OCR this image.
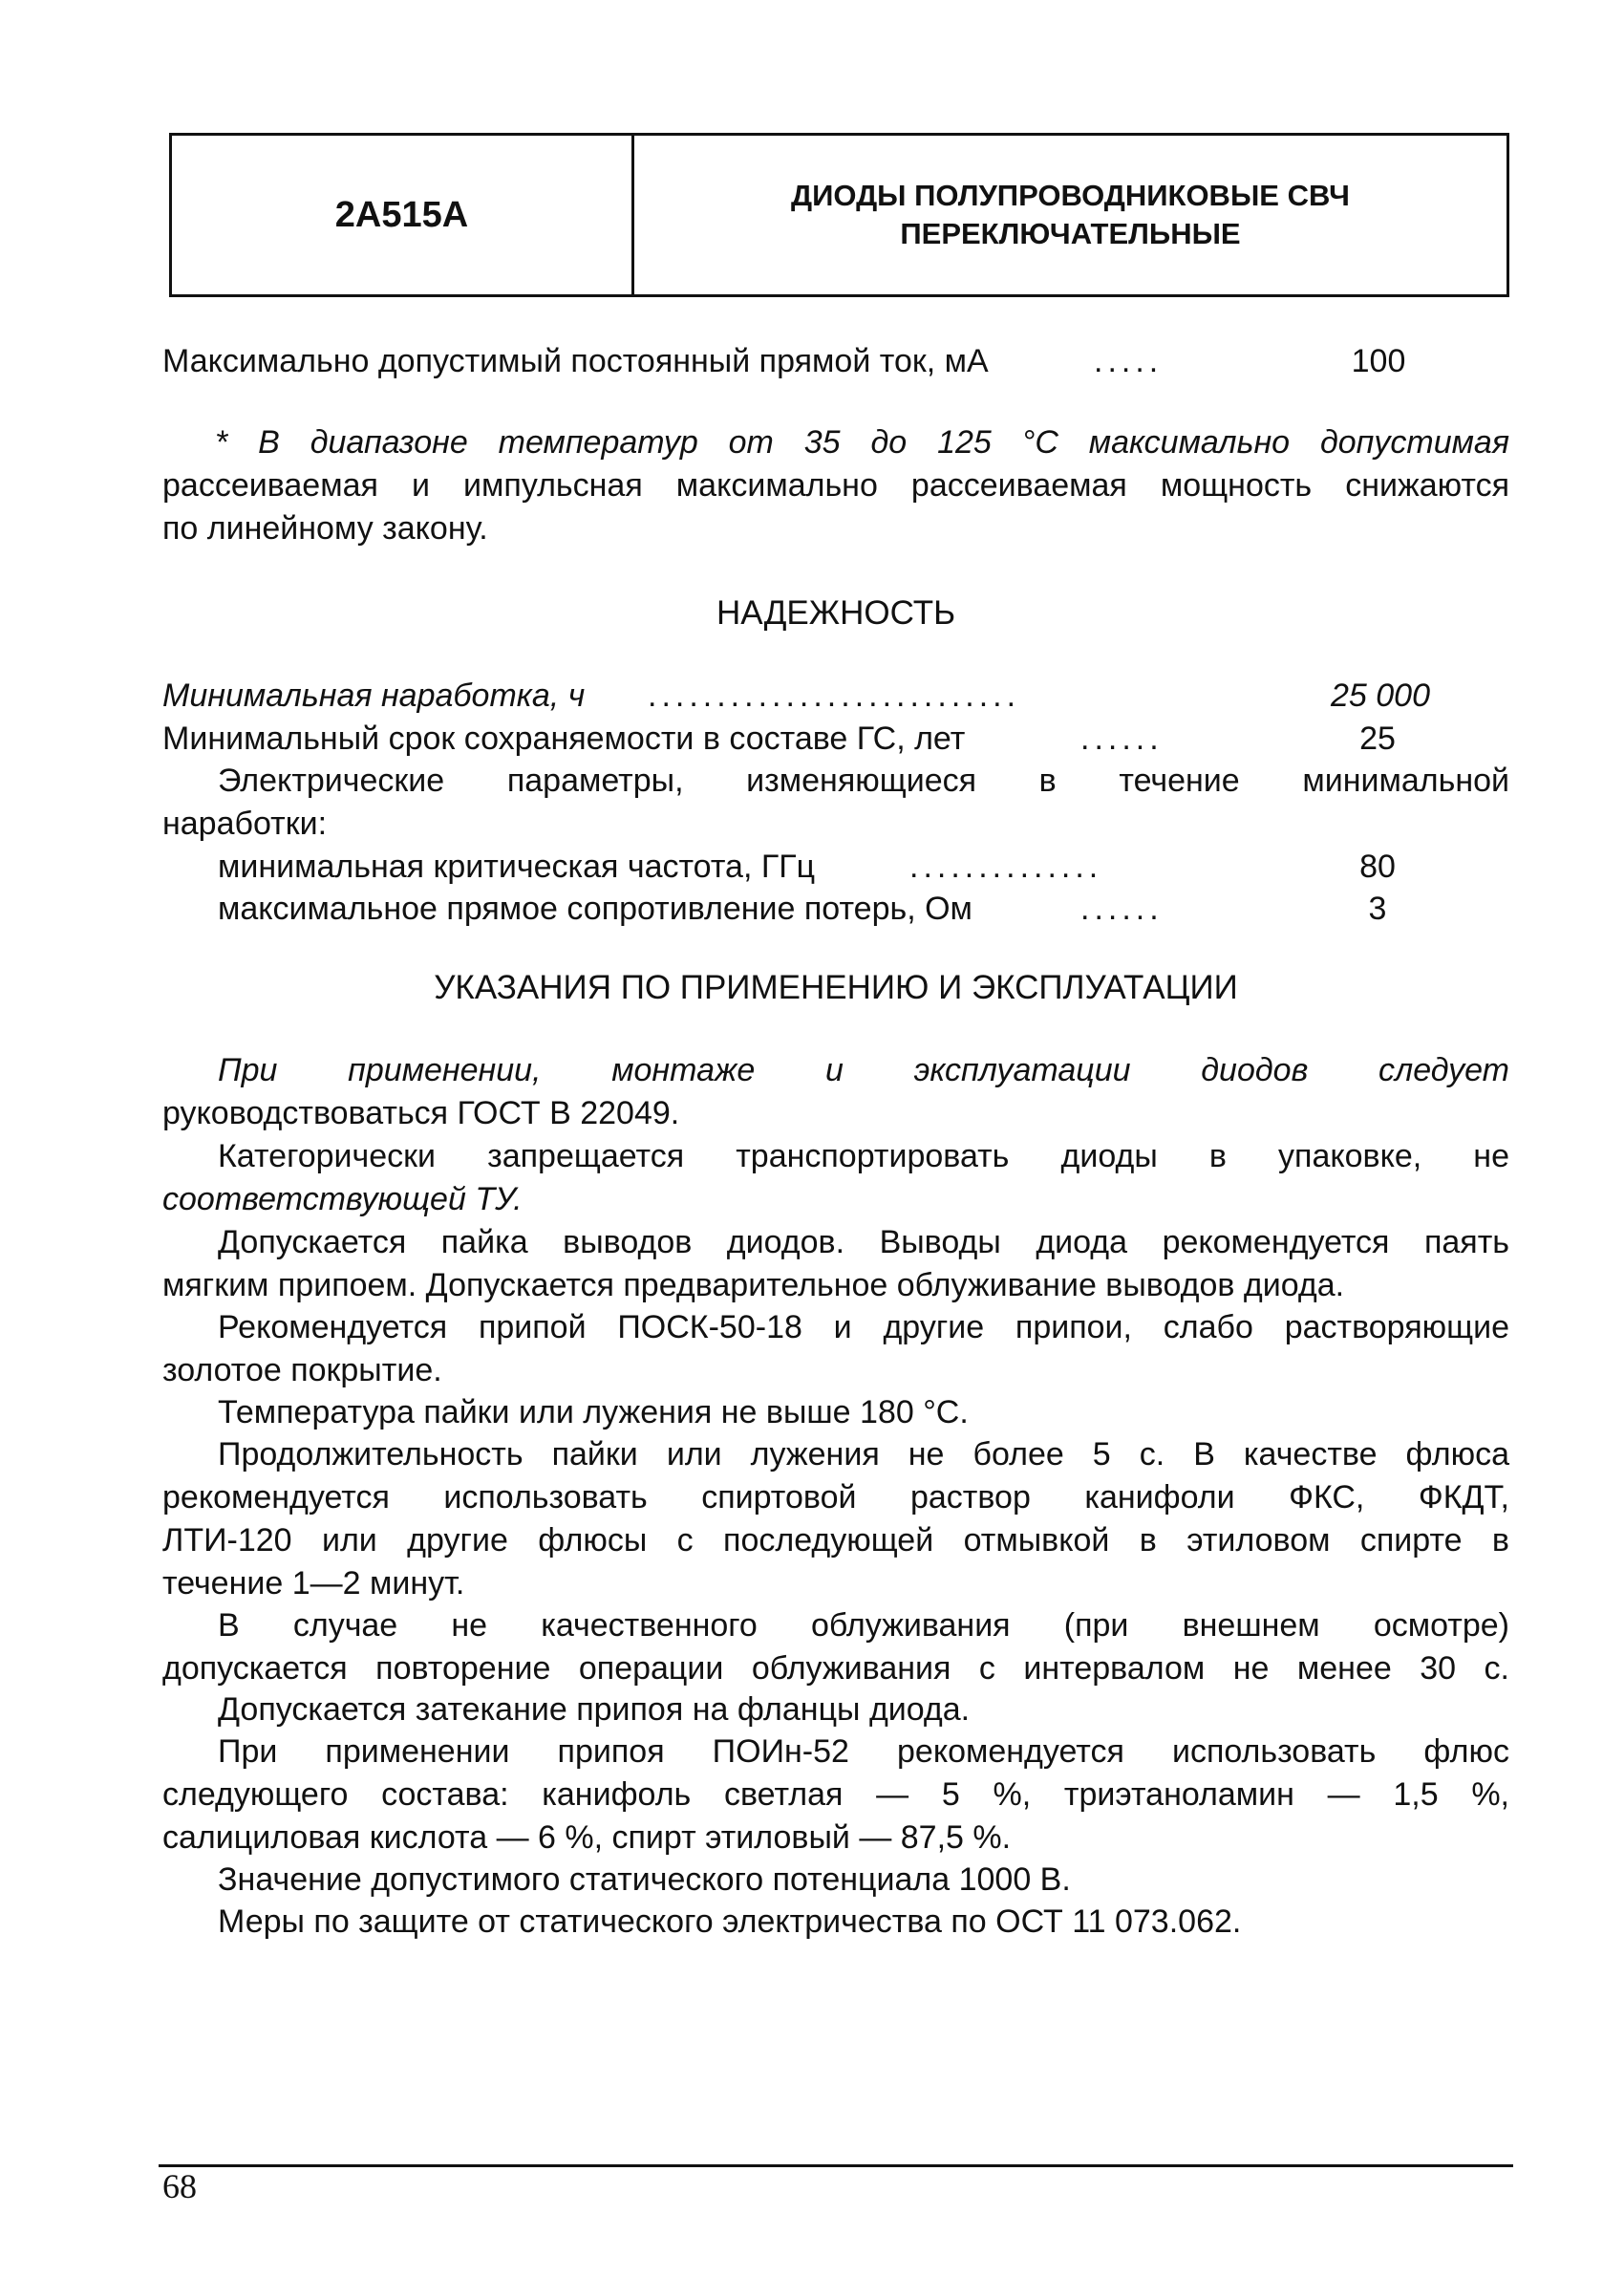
2А515А	ДИОДЫ ПОЛУПРОВОДНИКОВЫЕ СВЧ
ПЕРЕКЛЮЧАТЕЛЬНЫЕ
Максимально допустимый постоянный прямой ток, мА	.....	100
* В диапазоне температур от 35 до 125 °С максимально допустимая
рассеиваемая и импульсная максимально рассеиваемая мощность снижаются
по линейному закону.
НАДЕЖНОСТЬ
Минимальная наработка, ч ...........................	25 000
Минимальный срок сохраняемости в составе ГС, лет	......	25
Электрические параметры, изменяющиеся в течение минимальной
наработки:
минимальная критическая частота, ГГц	..............	80
максимальное прямое сопротивление потерь, Ом	......	3
УКАЗАНИЯ ПО ПРИМЕНЕНИЮ И ЭКСПЛУАТАЦИИ
При применении, монтаже и эксплуатации диодов следует
руководствоваться ГОСТ В 22049.
Категорически запрещается транспортировать диоды в упаковке, не
соответствующей ТУ.
Допускается пайка выводов диодов. Выводы диода рекомендуется паять
мягким припоем. Допускается предварительное облуживание выводов диода.
Рекомендуется припой ПОСК-50-18 и другие припои, слабо растворяющие
золотое покрытие.
Температура пайки или лужения не выше 180 °С.
Продолжительность пайки или лужения не более 5 с. В качестве флюса
рекомендуется использовать спиртовой раствор канифоли ФКС, ФКДТ,
ЛТИ-120 или другие флюсы с последующей отмывкой в этиловом спирте в
течение 1—2 минут.
В случае не качественного облуживания (при внешнем осмотре)
допускается повторение операции облуживания с интервалом не менее 30 с.
Допускается затекание припоя на фланцы диода.
При применении припоя ПОИн-52 рекомендуется использовать флюс
следующего состава: канифоль светлая — 5 %, триэтаноламин — 1,5 %,
салициловая кислота — 6 %, спирт этиловый — 87,5 %.
Значение допустимого статического потенциала 1000 В.
Меры по защите от статического электричества по ОСТ 11 073.062.
68
